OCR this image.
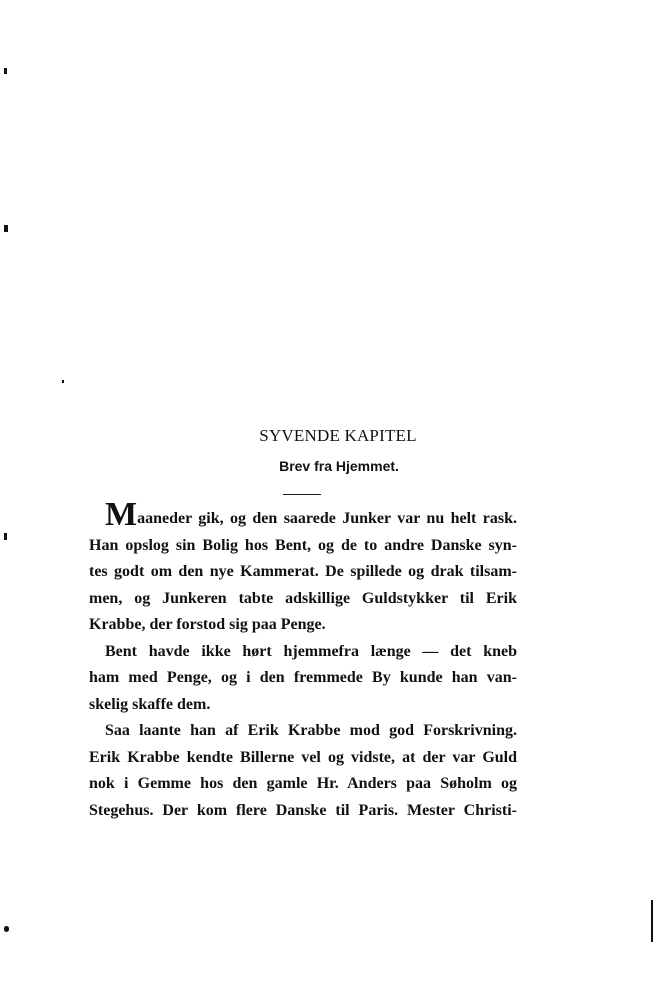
SYVENDE KAPITEL
Brev fra Hjemmet.
Maaneder gik, og den saarede Junker var nu helt rask.
Han opslog sin Bolig hos Bent, og de to andre Danske syn-
tes godt om den nye Kammerat. De spillede og drak tilsam-
men, og Junkeren tabte adskillige Guldstykker til Erik
Krabbe, der forstod sig paa Penge.
Bent havde ikke hørt hjemmefra længe — det kneb
ham med Penge, og i den fremmede By kunde han van-
skelig skaffe dem.
Saa laante han af Erik Krabbe mod god Forskrivning.
Erik Krabbe kendte Billerne vel og vidste, at der var Guld
nok i Gemme hos den gamle Hr. Anders paa Søholm og
Stegehus. Der kom flere Danske til Paris. Mester Christi-
